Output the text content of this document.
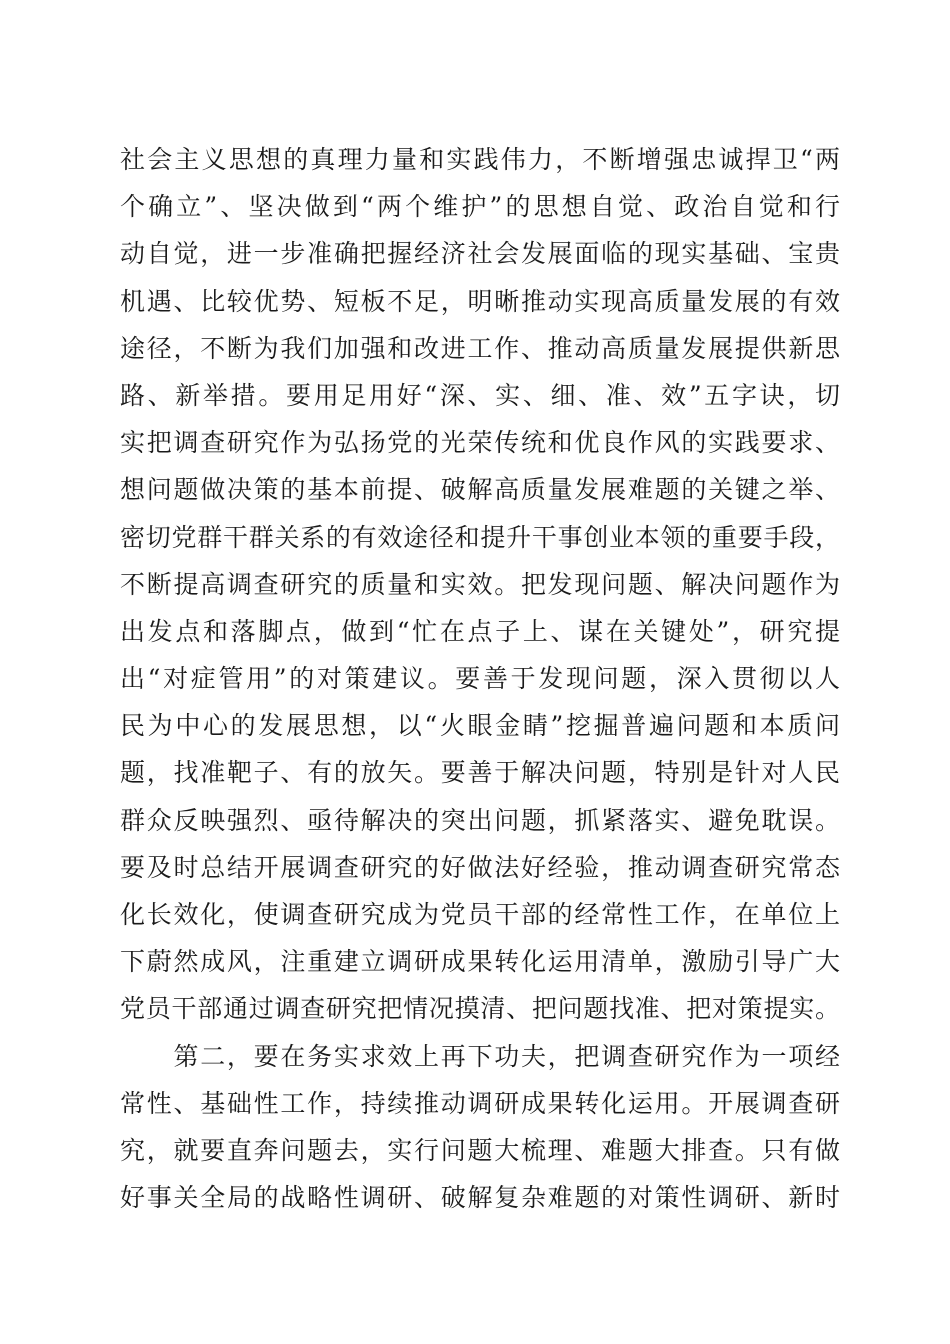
社会主义思想的真理力量和实践伟力，不断增强忠诚捍卫“两
个确立”、坚决做到“两个维护”的思想自觉、政治自觉和行
动自觉，进一步准确把握经济社会发展面临的现实基础、宝贵
机遇、比较优势、短板不足，明晰推动实现高质量发展的有效
途径，不断为我们加强和改进工作、推动高质量发展提供新思
路、新举措。要用足用好“深、实、细、准、效”五字诀，切
实把调查研究作为弘扬党的光荣传统和优良作风的实践要求、
想问题做决策的基本前提、破解高质量发展难题的关键之举、
密切党群干群关系的有效途径和提升干事创业本领的重要手段，
不断提高调查研究的质量和实效。把发现问题、解决问题作为
出发点和落脚点，做到“忙在点子上、谋在关键处”，研究提
出“对症管用”的对策建议。要善于发现问题，深入贯彻以人
民为中心的发展思想，以“火眼金睛”挖掘普遍问题和本质问
题，找准靶子、有的放矢。要善于解决问题，特别是针对人民
群众反映强烈、亟待解决的突出问题，抓紧落实、避免耽误。
要及时总结开展调查研究的好做法好经验，推动调查研究常态
化长效化，使调查研究成为党员干部的经常性工作，在单位上
下蔚然成风，注重建立调研成果转化运用清单，激励引导广大
党员干部通过调查研究把情况摸清、把问题找准、把对策提实。
　　第二，要在务实求效上再下功夫，把调查研究作为一项经
常性、基础性工作，持续推动调研成果转化运用。开展调查研
究，就要直奔问题去，实行问题大梳理、难题大排查。只有做
好事关全局的战略性调研、破解复杂难题的对策性调研、新时
